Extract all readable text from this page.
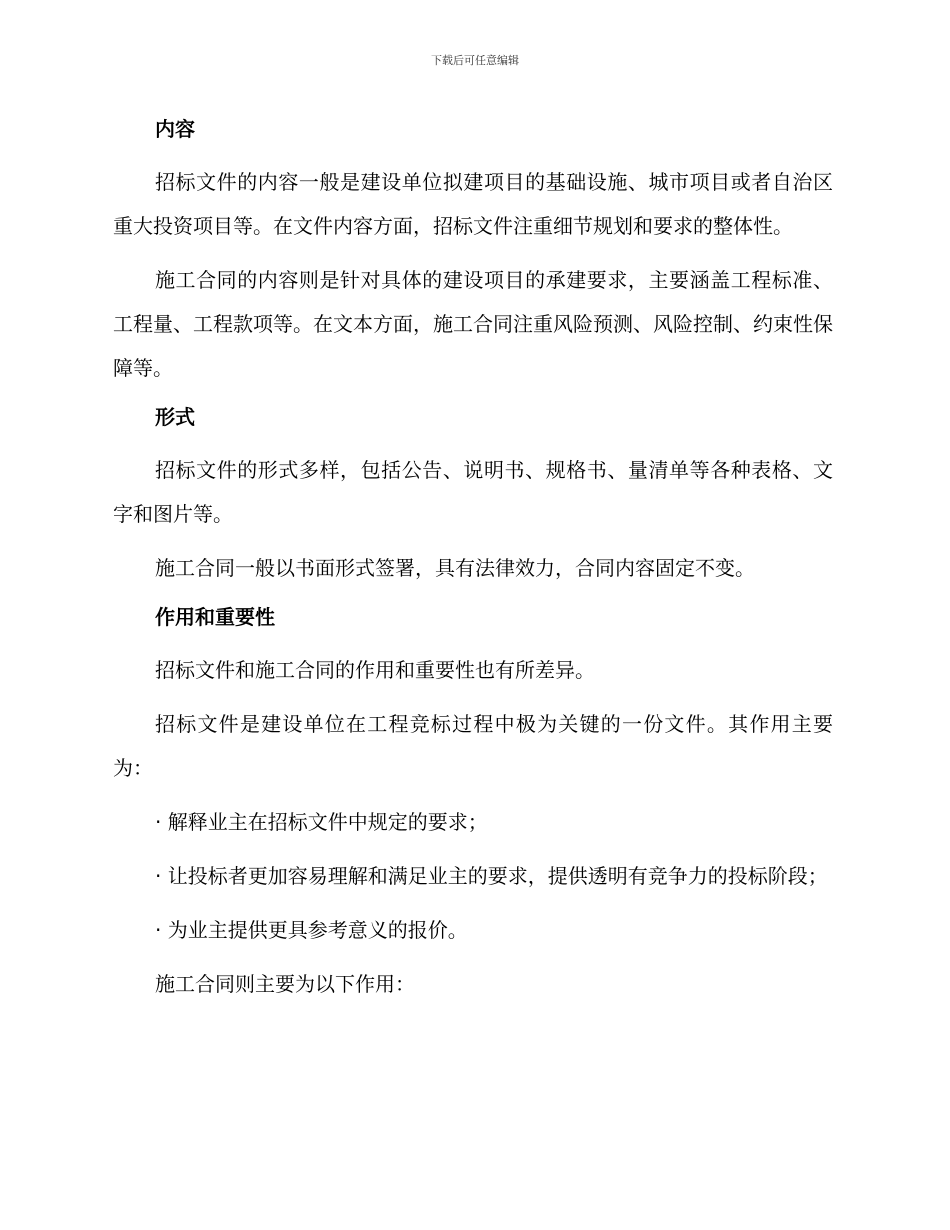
下载后可任意编辑
内容
招标文件的内容一般是建设单位拟建项目的基础设施、城市项目或者自治区重大投资项目等。在文件内容方面，招标文件注重细节规划和要求的整体性。
施工合同的内容则是针对具体的建设项目的承建要求，主要涵盖工程标准、工程量、工程款项等。在文本方面，施工合同注重风险预测、风险控制、约束性保障等。
形式
招标文件的形式多样，包括公告、说明书、规格书、量清单等各种表格、文字和图片等。
施工合同一般以书面形式签署，具有法律效力，合同内容固定不变。
作用和重要性
招标文件和施工合同的作用和重要性也有所差异。
招标文件是建设单位在工程竞标过程中极为关键的一份文件。其作用主要为：
· 解释业主在招标文件中规定的要求；
· 让投标者更加容易理解和满足业主的要求，提供透明有竞争力的投标阶段；
· 为业主提供更具参考意义的报价。
施工合同则主要为以下作用：
